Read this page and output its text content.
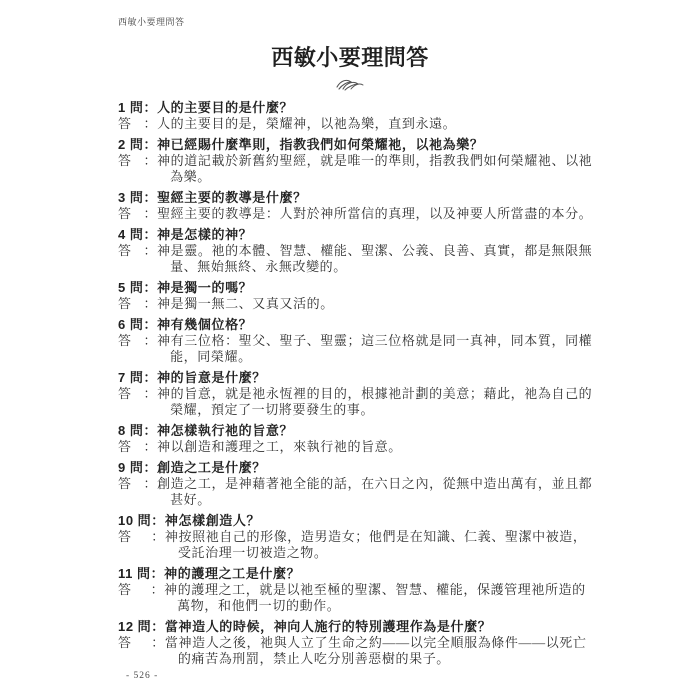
西敏小要理問答
西敏小要理問答
1 問 ： 人的主要目的是什麼？
答 ： 人的主要目的是，榮耀神，以祂為樂，直到永遠。
2 問 ： 神已經賜什麼準則，指教我們如何榮耀祂，以祂為樂？
答 ： 神的道記載於新舊約聖經，就是唯一的準則，指教我們如何榮耀祂、以祂為樂。
3 問 ： 聖經主要的教導是什麼？
答 ： 聖經主要的教導是：人對於神所當信的真理，以及神要人所當盡的本分。
4 問 ： 神是怎樣的神？
答 ： 神是靈。祂的本體、智慧、權能、聖潔、公義、良善、真實，都是無限無量、無始無終、永無改變的。
5 問 ： 神是獨一的嗎？
答 ： 神是獨一無二、又真又活的。
6 問 ： 神有幾個位格？
答 ： 神有三位格：聖父、聖子、聖靈；這三位格就是同一真神，同本質，同權能，同榮耀。
7 問 ： 神的旨意是什麼？
答 ： 神的旨意，就是祂永恆裡的目的，根據祂計劃的美意；藉此，祂為自己的榮耀，預定了一切將要發生的事。
8 問 ： 神怎樣執行祂的旨意？
答 ： 神以創造和護理之工，來執行祂的旨意。
9 問 ： 創造之工是什麼？
答 ： 創造之工，是神藉著祂全能的話，在六日之內，從無中造出萬有，並且都甚好。
10 問 ： 神怎樣創造人？
答	： 神按照祂自己的形像，造男造女；他們是在知識、仁義、聖潔中被造，受託治理一切被造之物。
11 問 ： 神的護理之工是什麼？
答	： 神的護理之工，就是以祂至極的聖潔、智慧、權能，保護管理祂所造的萬物，和他們一切的動作。
12 問 ： 當神造人的時候，神向人施行的特別護理作為是什麼？
答	： 當神造人之後，祂與人立了生命之約——以完全順服為條件——以死亡的痛苦為刑罰，禁止人吃分別善惡樹的果子。
- 526 -
